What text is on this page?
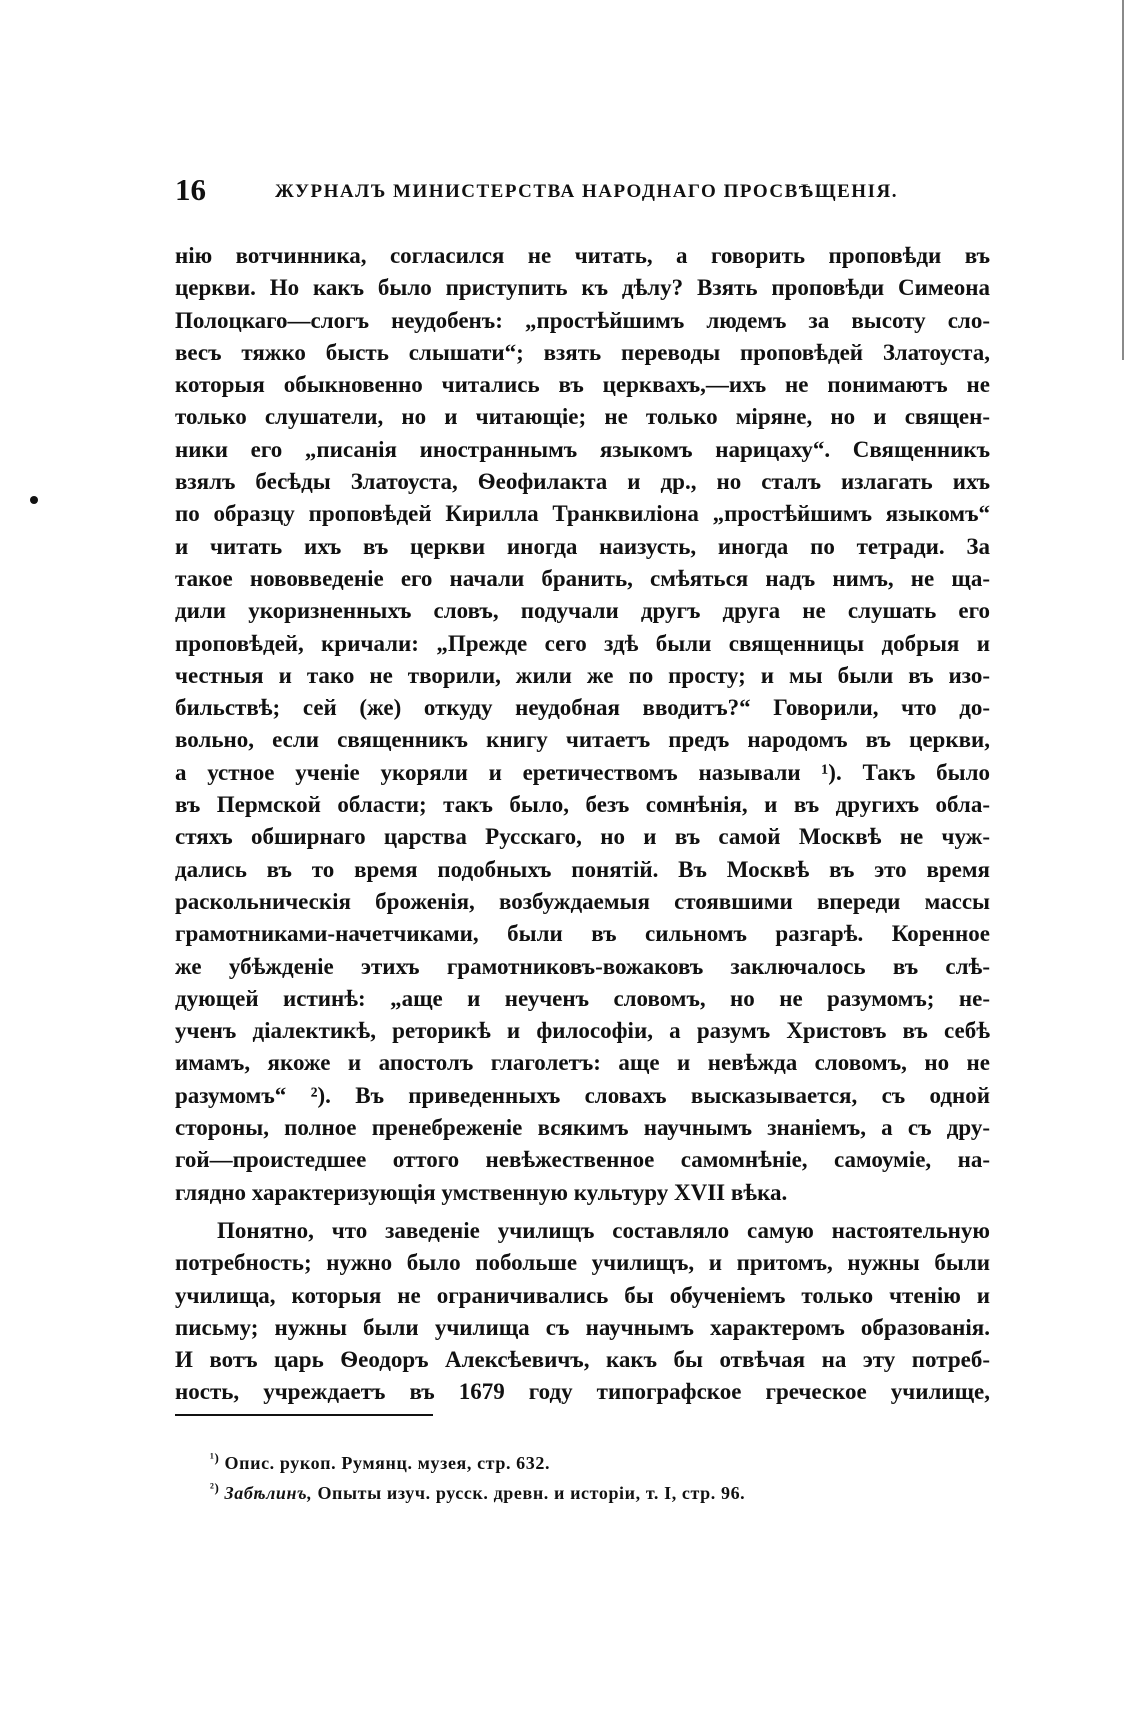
16	ЖУРНАЛЪ МИНИСТЕРСТВА НАРОДНАГО ПРОСВѢЩЕНІЯ.
нію вотчинника, согласился не читать, а говорить проповѣди въ
церкви. Но какъ было приступить къ дѣлу? Взять проповѣди Симеона
Полоцкаго—слогъ неудобенъ: „простѣйшимъ людемъ за высоту сло-
весъ тяжко бысть слышати“; взять переводы проповѣдей Златоуста,
которыя обыкновенно читались въ церквахъ,—ихъ не понимаютъ не
только слушатели, но и читающіе; не только міряне, но и священ-
ники его „писанія иностраннымъ языкомъ нарицаху“. Священникъ
взялъ бесѣды Златоуста, Ѳеофилакта и др., но сталъ излагать ихъ
по образцу проповѣдей Кирилла Транквиліона „простѣйшимъ языкомъ“
и читать ихъ въ церкви иногда наизусть, иногда по тетради. За
такое нововведеніе его начали бранить, смѣяться надъ нимъ, не ща-
дили укоризненныхъ словъ, подучали другъ друга не слушать его
проповѣдей, кричали: „Прежде сего здѣ были священницы добрыя и
честныя и тако не творили, жили же по просту; и мы были въ изо-
бильствѣ; сей (же) откуду неудобная вводитъ?“ Говорили, что до-
вольно, если священникъ книгу читаетъ предъ народомъ въ церкви,
а устное ученіе укоряли и еретичествомъ называли ¹). Такъ было
въ Пермской области; такъ было, безъ сомнѣнія, и въ другихъ обла-
стяхъ обширнаго царства Русскаго, но и въ самой Москвѣ не чуж-
дались въ то время подобныхъ понятій. Въ Москвѣ въ это время
раскольническія броженія, возбуждаемыя стоявшими впереди массы
грамотниками-начетчиками, были въ сильномъ разгарѣ. Коренное
же убѣжденіе этихъ грамотниковъ-вожаковъ заключалось въ слѣ-
дующей истинѣ: „аще и неученъ словомъ, но не разумомъ; не-
ученъ діалектикѣ, реторикѣ и философіи, а разумъ Христовъ въ себѣ
имамъ, якоже и апостолъ глаголетъ: аще и невѣжда словомъ, но не
разумомъ“ ²). Въ приведенныхъ словахъ высказывается, съ одной
стороны, полное пренебреженіе всякимъ научнымъ знаніемъ, а съ дру-
гой—проистедшее оттого невѣжественное самомнѣніе, самоуміе, на-
глядно характеризующія умственную культуру XVII вѣка.
Понятно, что заведеніе училищъ составляло самую настоятельную
потребность; нужно было побольше училищъ, и притомъ, нужны были
училища, которыя не ограничивались бы обученіемъ только чтенію и
письму; нужны были училища съ научнымъ характеромъ образованія.
И вотъ царь Ѳеодоръ Алексѣевичъ, какъ бы отвѣчая на эту потреб-
ность, учреждаетъ въ 1679 году типографское греческое училище,
$^{^1)}$ Опис. рукоп. Румянц. музея, стр. 632.
$^{^2)}$ Забѣлинъ, Опыты изуч. русск. древн. и исторіи, т. I, стр. 96.
